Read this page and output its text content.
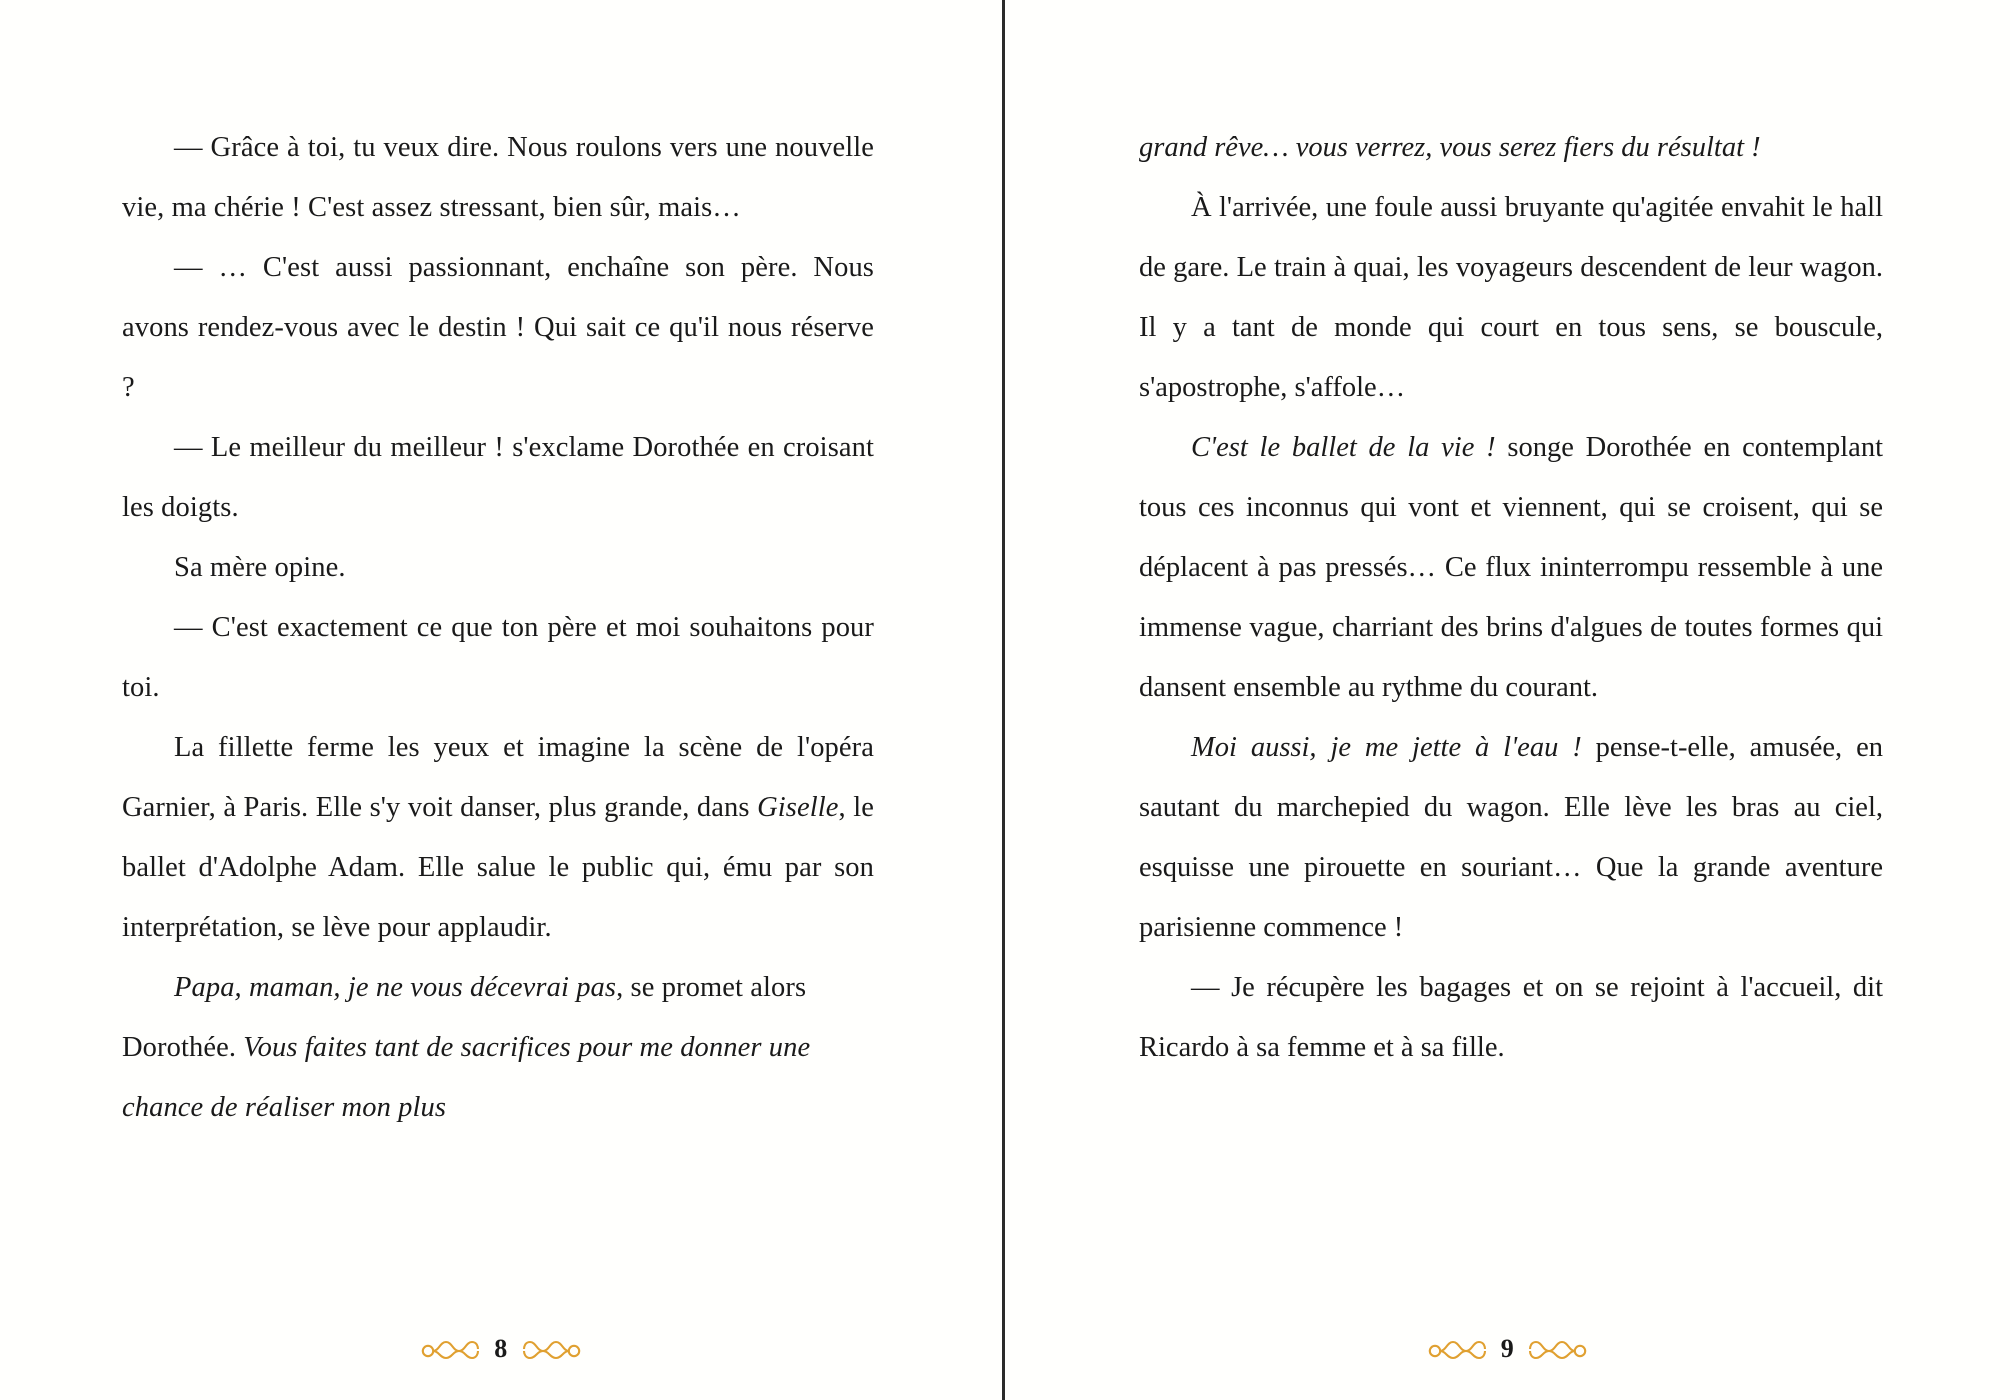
— Grâce à toi, tu veux dire. Nous roulons vers une nouvelle vie, ma chérie ! C'est assez stressant, bien sûr, mais…

— … C'est aussi passionnant, enchaîne son père. Nous avons rendez-vous avec le destin ! Qui sait ce qu'il nous réserve ?

— Le meilleur du meilleur ! s'exclame Dorothée en croisant les doigts.

Sa mère opine.

— C'est exactement ce que ton père et moi souhaitons pour toi.

La fillette ferme les yeux et imagine la scène de l'opéra Garnier, à Paris. Elle s'y voit danser, plus grande, dans Giselle, le ballet d'Adolphe Adam. Elle salue le public qui, ému par son interprétation, se lève pour applaudir.

Papa, maman, je ne vous décevrai pas, se promet alors Dorothée. Vous faites tant de sacrifices pour me donner une chance de réaliser mon plus

8

grand rêve… vous verrez, vous serez fiers du résultat !

À l'arrivée, une foule aussi bruyante qu'agitée envahit le hall de gare. Le train à quai, les voyageurs descendent de leur wagon. Il y a tant de monde qui court en tous sens, se bouscule, s'apostrophe, s'affole…

C'est le ballet de la vie ! songe Dorothée en contemplant tous ces inconnus qui vont et viennent, qui se croisent, qui se déplacent à pas pressés… Ce flux ininterrompu ressemble à une immense vague, charriant des brins d'algues de toutes formes qui dansent ensemble au rythme du courant.

Moi aussi, je me jette à l'eau ! pense-t-elle, amusée, en sautant du marchepied du wagon. Elle lève les bras au ciel, esquisse une pirouette en souriant… Que la grande aventure parisienne commence !

— Je récupère les bagages et on se rejoint à l'accueil, dit Ricardo à sa femme et à sa fille.

9
